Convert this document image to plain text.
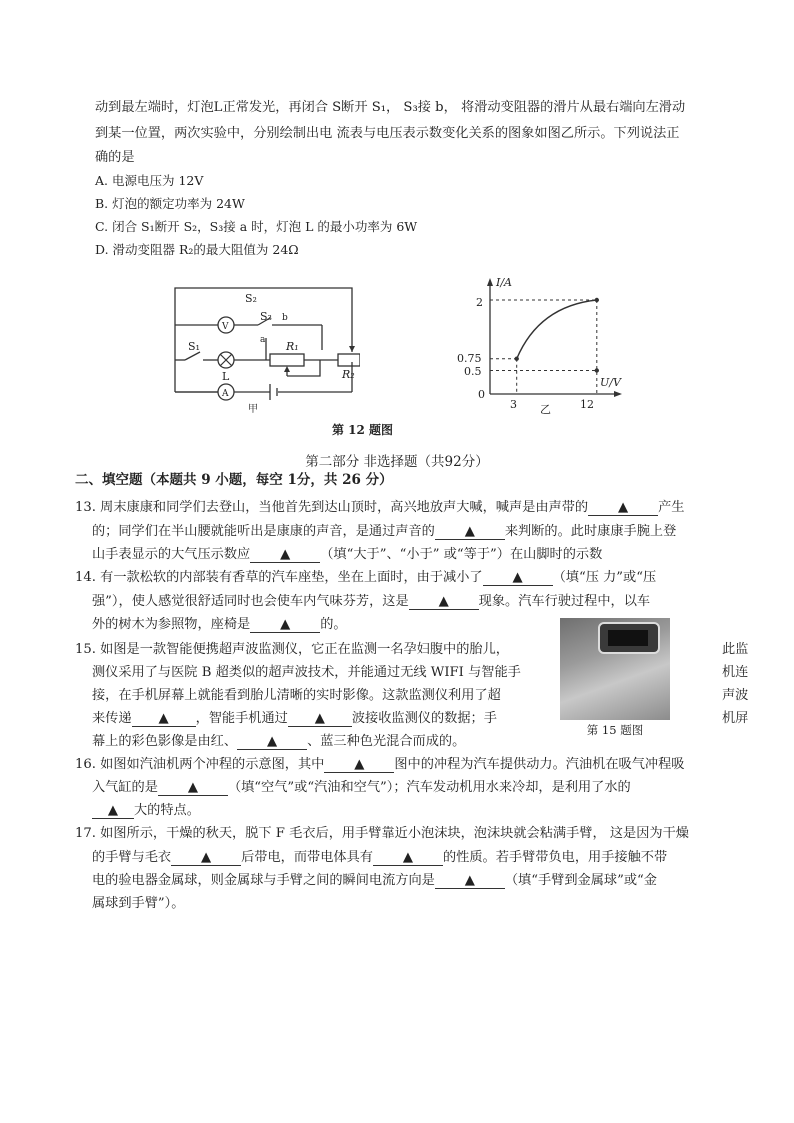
动到最左端时，灯泡L正常发光，再闭合 S断开 S₁， S₃接 b， 将滑动变阻器的滑片从最右端向左滑动
到某一位置，两次实验中，分别绘制出电 流表与电压表示数变化关系的图象如图乙所示。下列说法正
确的是
A. 电源电压为 12V
B. 灯泡的额定功率为 24W
C. 闭合 S₁断开 S₂，S₃接 a 时，灯泡 L 的最小功率为 6W
D. 滑动变阻器 R₂的最大阻值为 24Ω
S₂
S₃ b
a
S₁	R₁
R₂
V
A
L
甲
I/A
U/V
0
3	12
0.5
0.75
2
乙
第 12 题图
第二部分 非选择题（共92分）
二、填空题（本题共 9 小题，每空 1分，共 26 分）
13. 周末康康和同学们去登山，当他首先到达山顶时，高兴地放声大喊，喊声是由声带的 ▲ 产生
的；同学们在半山腰就能听出是康康的声音，是通过声音的 ▲ 来判断的。此时康康手腕上登
山手表显示的大气压示数应 ▲ （填“大于”、“小于” 或“等于”）在山脚时的示数
14. 有一款松软的内部装有香草的汽车座垫，坐在上面时，由于减小了 ▲ （填“压 力”或“压
强”），使人感觉很舒适同时也会使车内气味芬芳，这是 ▲ 现象。汽车行驶过程中，以车
外的树木为参照物，座椅是 ▲ 的。
15. 如图是一款智能便携超声波监测仪，它正在监测一名孕妇腹中的胎儿，	此监
测仪采用了与医院 B 超类似的超声波技术，并能通过无线 WIFI 与智能手	机连
接，在手机屏幕上就能看到胎儿清晰的实时影像。这款监测仪利用了超	声波
来传递 ▲ ，智能手机通过 ▲ 波接收监测仪的数据；手	机屏
幕上的彩色影像是由红、 ▲ 、蓝三种色光混合而成的。
第 15 题图
16. 如图如汽油机两个冲程的示意图，其中 ▲ 图中的冲程为汽车提供动力。汽油机在吸气冲程吸
入气缸的是 ▲ （填“空气”或“汽油和空气”）；汽车发动机用水来冷却，是利用了水的
▲ 大的特点。
17. 如图所示，干燥的秋天，脱下 F 毛衣后，用手臂靠近小泡沫块，泡沫块就会粘满手臂， 这是因为干燥
的手臂与毛衣 ▲ 后带电，而带电体具有 ▲ 的性质。若手臂带负电，用手接触不带
电的验电器金属球，则金属球与手臂之间的瞬间电流方向是 ▲ （填“手臂到金属球”或“金
属球到手臂”）。
